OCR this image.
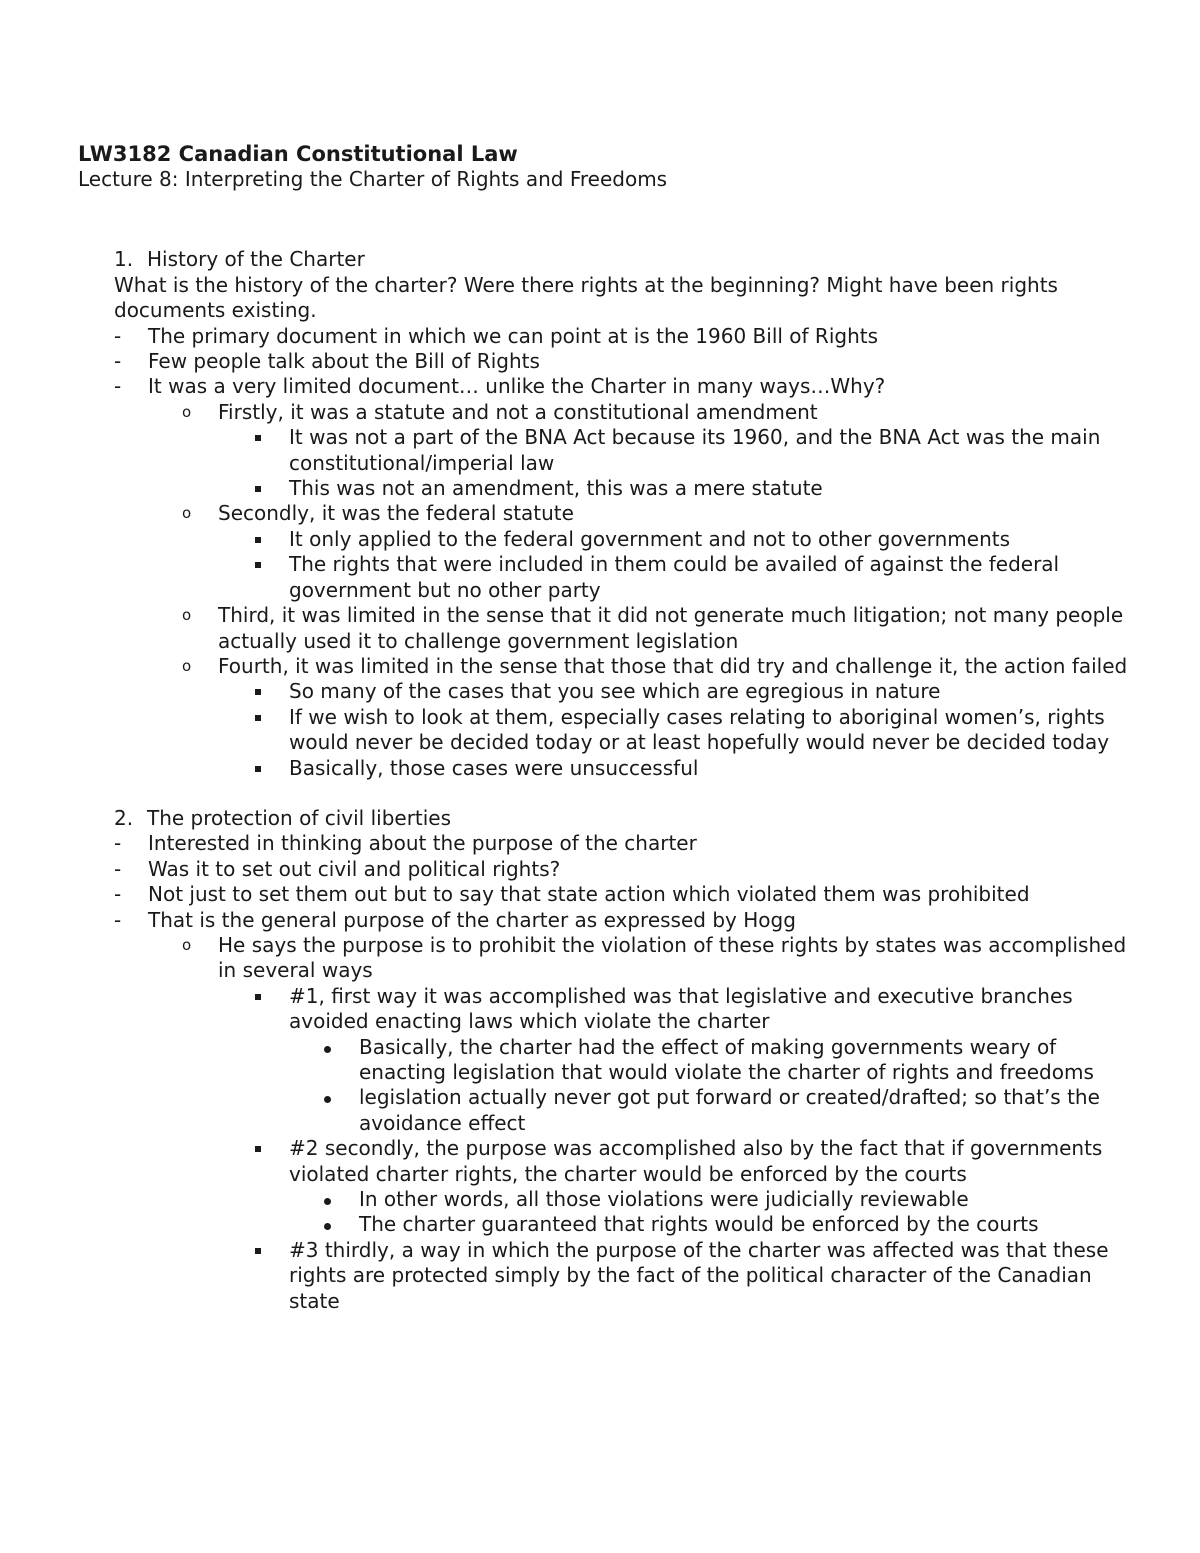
LW3182 Canadian Constitutional Law
Lecture 8: Interpreting the Charter of Rights and Freedoms
1. History of the Charter
What is the history of the charter? Were there rights at the beginning? Might have been rights documents existing.
- The primary document in which we can point at is the 1960 Bill of Rights
- Few people talk about the Bill of Rights
- It was a very limited document… unlike the Charter in many ways…Why?
o Firstly, it was a statute and not a constitutional amendment
It was not a part of the BNA Act because its 1960, and the BNA Act was the main constitutional/imperial law
This was not an amendment, this was a mere statute
o Secondly, it was the federal statute
It only applied to the federal government and not to other governments
The rights that were included in them could be availed of against the federal government but no other party
o Third, it was limited in the sense that it did not generate much litigation; not many people actually used it to challenge government legislation
o Fourth, it was limited in the sense that those that did try and challenge it, the action failed
So many of the cases that you see which are egregious in nature
If we wish to look at them, especially cases relating to aboriginal women’s, rights would never be decided today or at least hopefully would never be decided today
Basically, those cases were unsuccessful
2. The protection of civil liberties
- Interested in thinking about the purpose of the charter
- Was it to set out civil and political rights?
- Not just to set them out but to say that state action which violated them was prohibited
- That is the general purpose of the charter as expressed by Hogg
o He says the purpose is to prohibit the violation of these rights by states was accomplished in several ways
#1, first way it was accomplished was that legislative and executive branches avoided enacting laws which violate the charter
Basically, the charter had the effect of making governments weary of enacting legislation that would violate the charter of rights and freedoms
legislation actually never got put forward or created/drafted; so that’s the avoidance effect
#2 secondly, the purpose was accomplished also by the fact that if governments violated charter rights, the charter would be enforced by the courts
In other words, all those violations were judicially reviewable
The charter guaranteed that rights would be enforced by the courts
#3 thirdly, a way in which the purpose of the charter was affected was that these rights are protected simply by the fact of the political character of the Canadian state
